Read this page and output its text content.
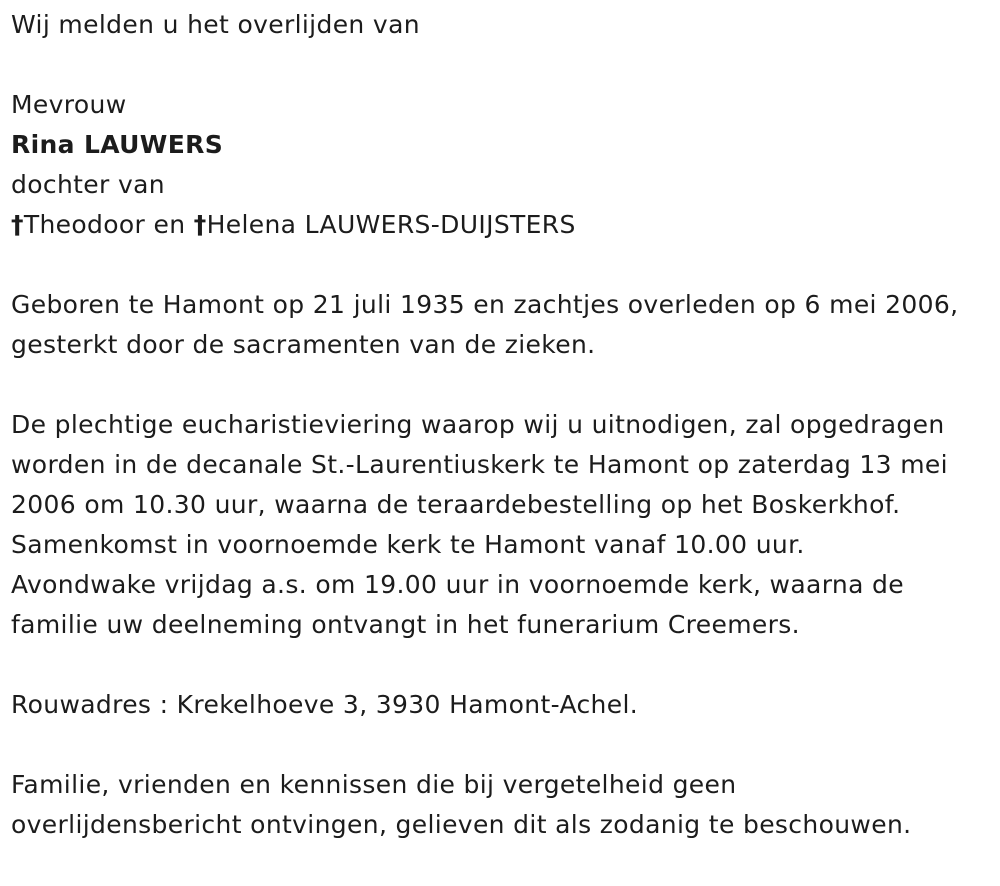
Wij melden u het overlijden van
Mevrouw
Rina LAUWERS
dochter van
†Theodoor en †Helena LAUWERS-DUIJSTERS
Geboren te Hamont op 21 juli 1935 en zachtjes overleden op 6 mei 2006,
gesterkt door de sacramenten van de zieken.
De plechtige eucharistieviering waarop wij u uitnodigen, zal opgedragen
worden in de decanale St.-Laurentiuskerk te Hamont op zaterdag 13 mei
2006 om 10.30 uur, waarna de teraardebestelling op het Boskerkhof.
Samenkomst in voornoemde kerk te Hamont vanaf 10.00 uur.
Avondwake vrijdag a.s. om 19.00 uur in voornoemde kerk, waarna de
familie uw deelneming ontvangt in het funerarium Creemers.
Rouwadres : Krekelhoeve 3, 3930 Hamont-Achel.
Familie, vrienden en kennissen die bij vergetelheid geen
overlijdensbericht ontvingen, gelieven dit als zodanig te beschouwen.
